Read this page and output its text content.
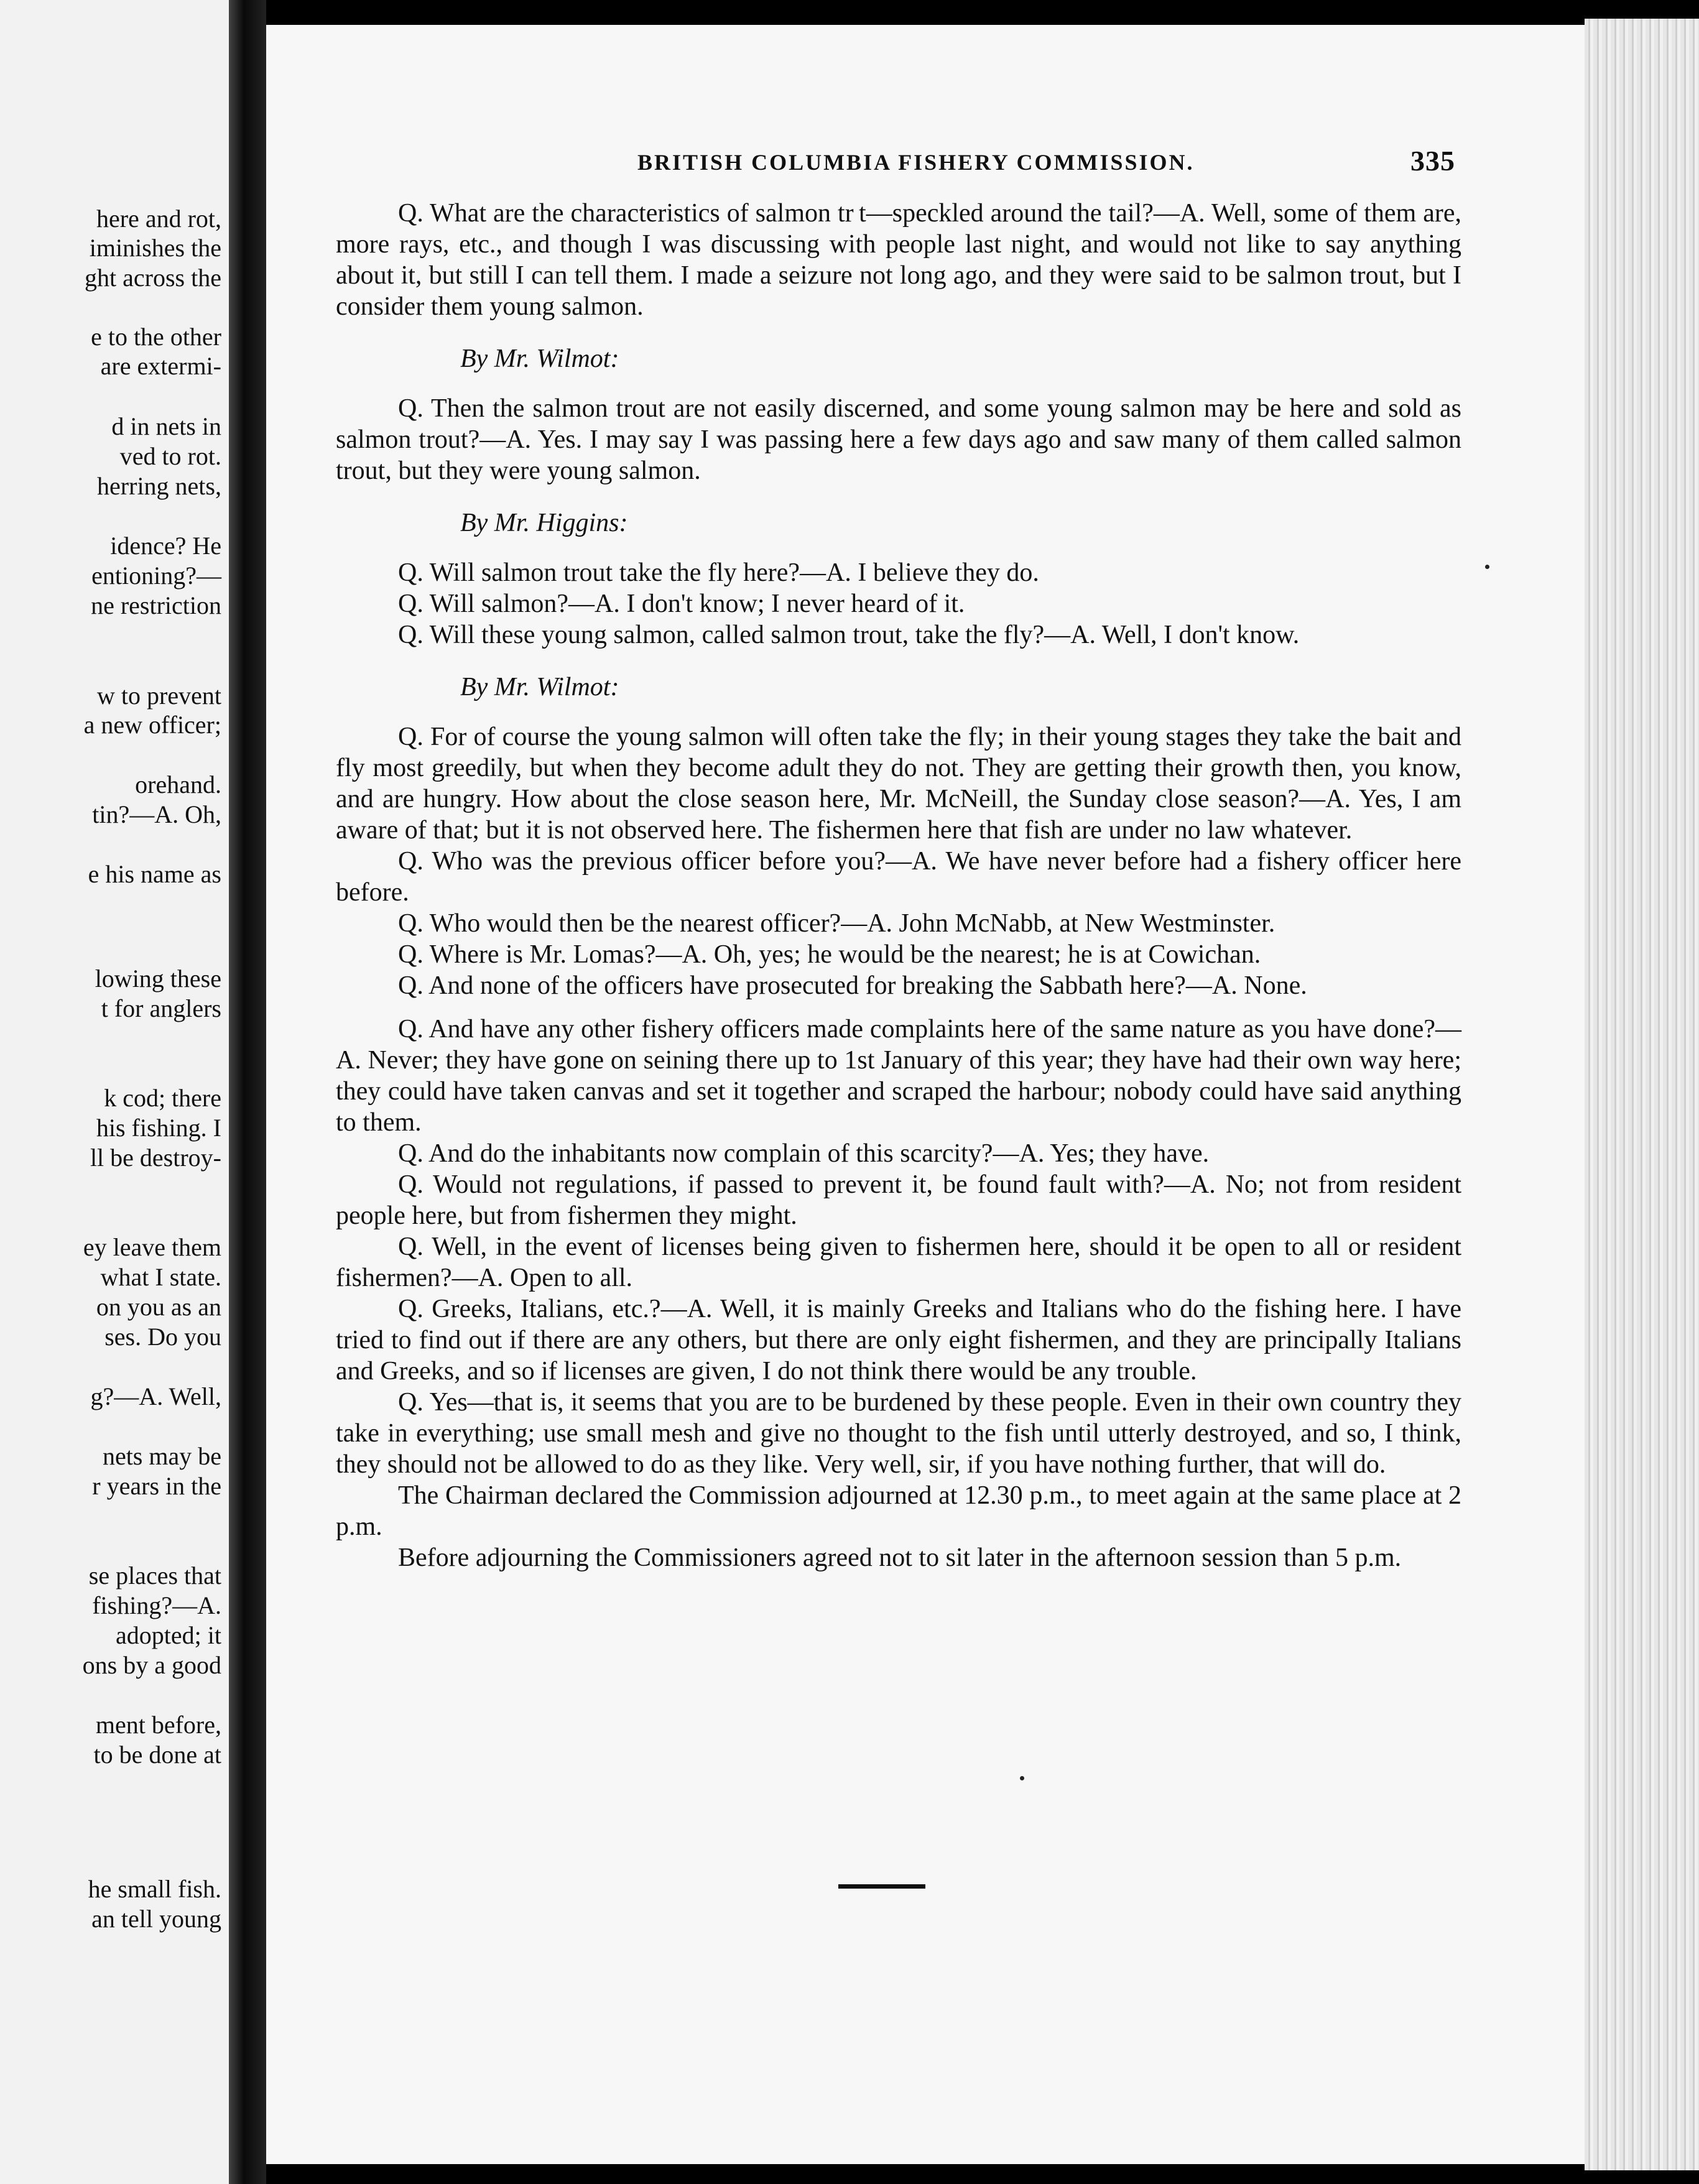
here and rot,
iminishes the
ght across the
e to the other
are extermi-
d in nets in
ved to rot.
herring nets,
idence? He
entioning?—
ne restriction
w to prevent
a new officer;
orehand.
tin?—A. Oh,
e his name as
lowing these
t for anglers
k cod; there
his fishing. I
ll be destroy-
ey leave them
what I state.
on you as an
ses. Do you
g?—A. Well,
nets may be
r years in the
se places that
fishing?—A.
adopted; it
ons by a good
ment before,
to be done at
he small fish.
an tell young
BRITISH COLUMBIA FISHERY COMMISSION.	335

Q. What are the characteristics of salmon tr t—speckled around the tail?—A. Well, some of them are, more rays, etc., and though I was discussing with people last night, and would not like to say anything about it, but still I can tell them. I made a seizure not long ago, and they were said to be salmon trout, but I consider them young salmon.

By Mr. Wilmot:

Q. Then the salmon trout are not easily discerned, and some young salmon may be here and sold as salmon trout?—A. Yes. I may say I was passing here a few days ago and saw many of them called salmon trout, but they were young salmon.

By Mr. Higgins:

Q. Will salmon trout take the fly here?—A. I believe they do.

Q. Will salmon?—A. I don't know; I never heard of it.

Q. Will these young salmon, called salmon trout, take the fly?—A. Well, I don't know.

By Mr. Wilmot:

Q. For of course the young salmon will often take the fly; in their young stages they take the bait and fly most greedily, but when they become adult they do not. They are getting their growth then, you know, and are hungry. How about the close season here, Mr. McNeill, the Sunday close season?—A. Yes, I am aware of that; but it is not observed here. The fishermen here that fish are under no law whatever.

Q. Who was the previous officer before you?—A. We have never before had a fishery officer here before.

Q. Who would then be the nearest officer?—A. John McNabb, at New Westminster.

Q. Where is Mr. Lomas?—A. Oh, yes; he would be the nearest; he is at Cowichan.

Q. And none of the officers have prosecuted for breaking the Sabbath here?—A. None.

Q. And have any other fishery officers made complaints here of the same nature as you have done?—A. Never; they have gone on seining there up to 1st January of this year; they have had their own way here; they could have taken canvas and set it together and scraped the harbour; nobody could have said anything to them.

Q. And do the inhabitants now complain of this scarcity?—A. Yes; they have.

Q. Would not regulations, if passed to prevent it, be found fault with?—A. No; not from resident people here, but from fishermen they might.

Q. Well, in the event of licenses being given to fishermen here, should it be open to all or resident fishermen?—A. Open to all.

Q. Greeks, Italians, etc.?—A. Well, it is mainly Greeks and Italians who do the fishing here. I have tried to find out if there are any others, but there are only eight fishermen, and they are principally Italians and Greeks, and so if licenses are given, I do not think there would be any trouble.

Q. Yes—that is, it seems that you are to be burdened by these people. Even in their own country they take in everything; use small mesh and give no thought to the fish until utterly destroyed, and so, I think, they should not be allowed to do as they like. Very well, sir, if you have nothing further, that will do.

The Chairman declared the Commission adjourned at 12.30 p.m., to meet again at the same place at 2 p.m.

Before adjourning the Commissioners agreed not to sit later in the afternoon session than 5 p.m.
